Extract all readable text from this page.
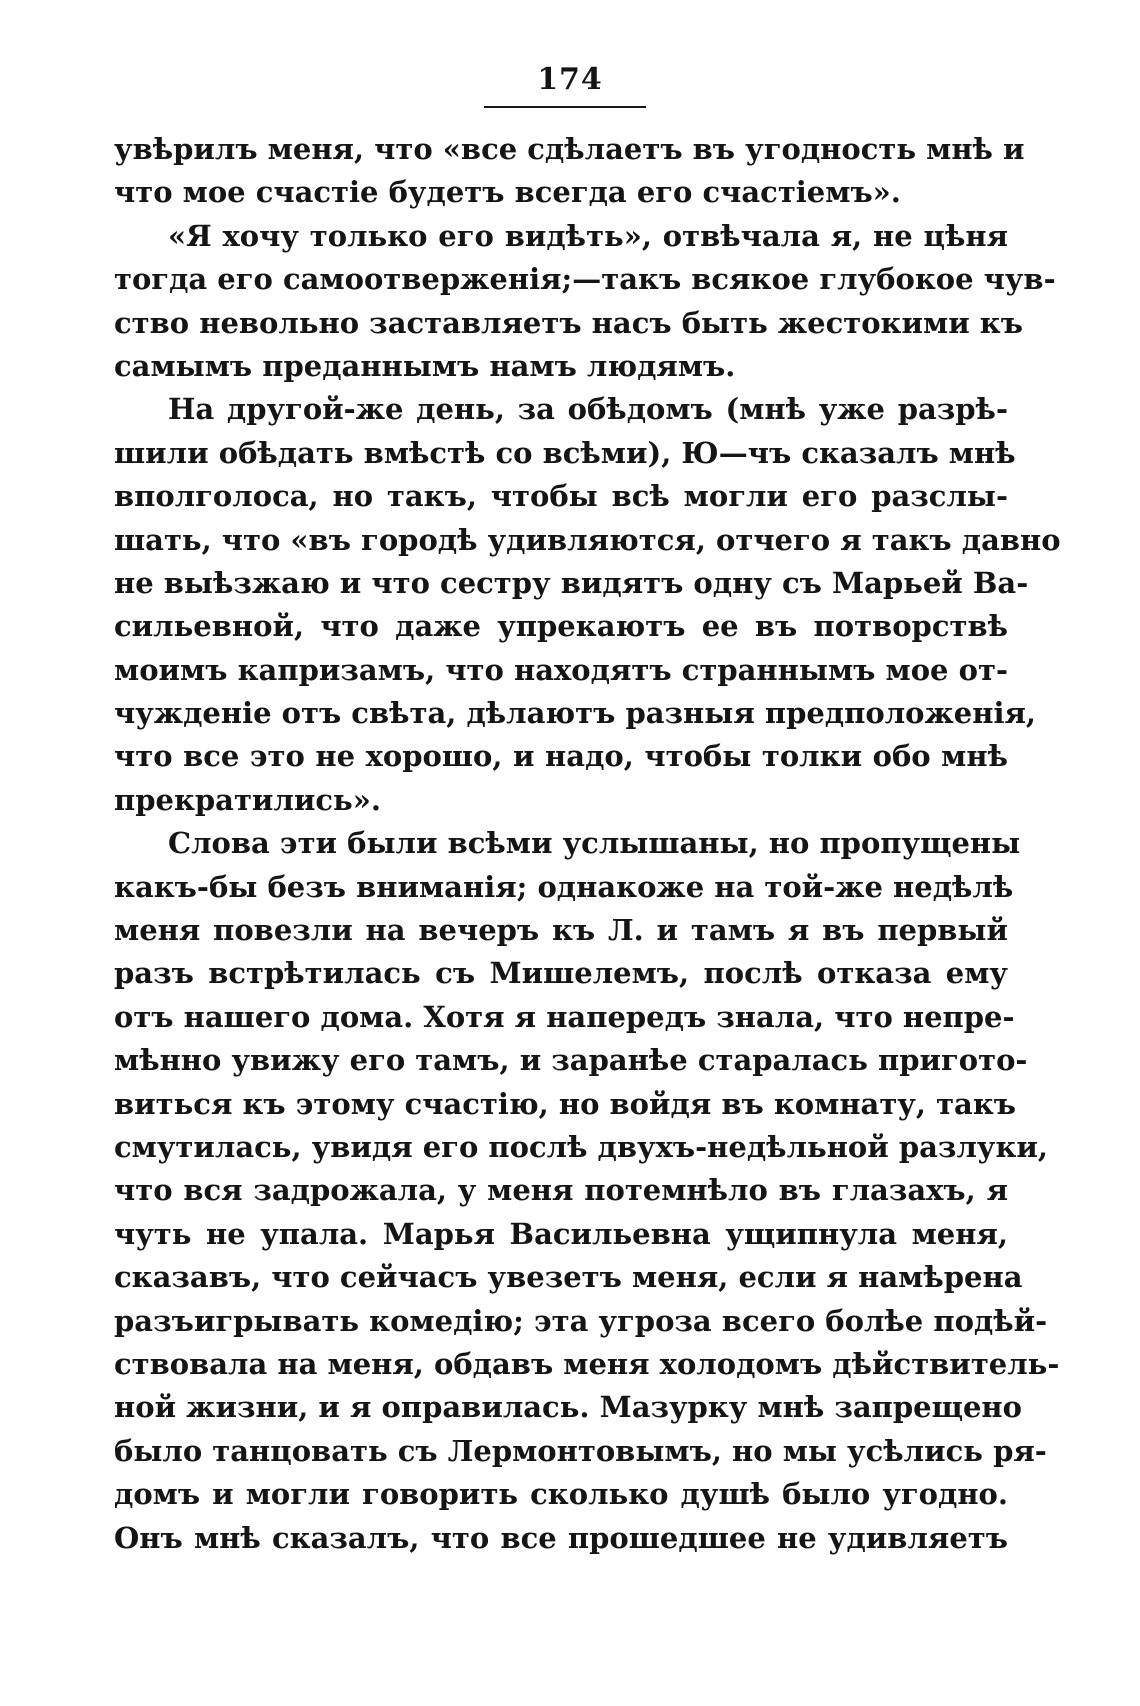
174
увѣрилъ меня, что «все сдѣлаетъ въ угодность мнѣ и
что мое счастіе будетъ всегда его счастіемъ».
«Я хочу только его видѣть», отвѣчала я, не цѣня
тогда его самоотверженія;—такъ всякое глубокое чув-
ство невольно заставляетъ насъ быть жестокими къ
самымъ преданнымъ намъ людямъ.
На другой-же день, за обѣдомъ (мнѣ уже разрѣ-
шили обѣдать вмѣстѣ со всѣми), Ю—чъ сказалъ мнѣ
вполголоса, но такъ, чтобы всѣ могли его разслы-
шать, что «въ городѣ удивляются, отчего я такъ давно
не выѣзжаю и что сестру видятъ одну съ Марьей Ва-
сильевной, что даже упрекаютъ ее въ потворствѣ
моимъ капризамъ, что находятъ страннымъ мое от-
чужденіе отъ свѣта, дѣлаютъ разныя предположенія,
что все это не хорошо, и надо, чтобы толки обо мнѣ
прекратились».
Слова эти были всѣми услышаны, но пропущены
какъ-бы безъ вниманія; однакоже на той-же недѣлѣ
меня повезли на вечеръ къ Л. и тамъ я въ первый
разъ встрѣтилась съ Мишелемъ, послѣ отказа ему
отъ нашего дома. Хотя я напередъ знала, что непре-
мѣнно увижу его тамъ, и заранѣе старалась пригото-
виться къ этому счастію, но войдя въ комнату, такъ
смутилась, увидя его послѣ двухъ-недѣльной разлуки,
что вся задрожала, у меня потемнѣло въ глазахъ, я
чуть не упала. Марья Васильевна ущипнула меня,
сказавъ, что сейчасъ увезетъ меня, если я намѣрена
разъигрывать комедію; эта угроза всего болѣе подѣй-
ствовала на меня, обдавъ меня холодомъ дѣйствитель-
ной жизни, и я оправилась. Мазурку мнѣ запрещено
было танцовать съ Лермонтовымъ, но мы усѣлись ря-
домъ и могли говорить сколько душѣ было угодно.
Онъ мнѣ сказалъ, что все прошедшее не удивляетъ
